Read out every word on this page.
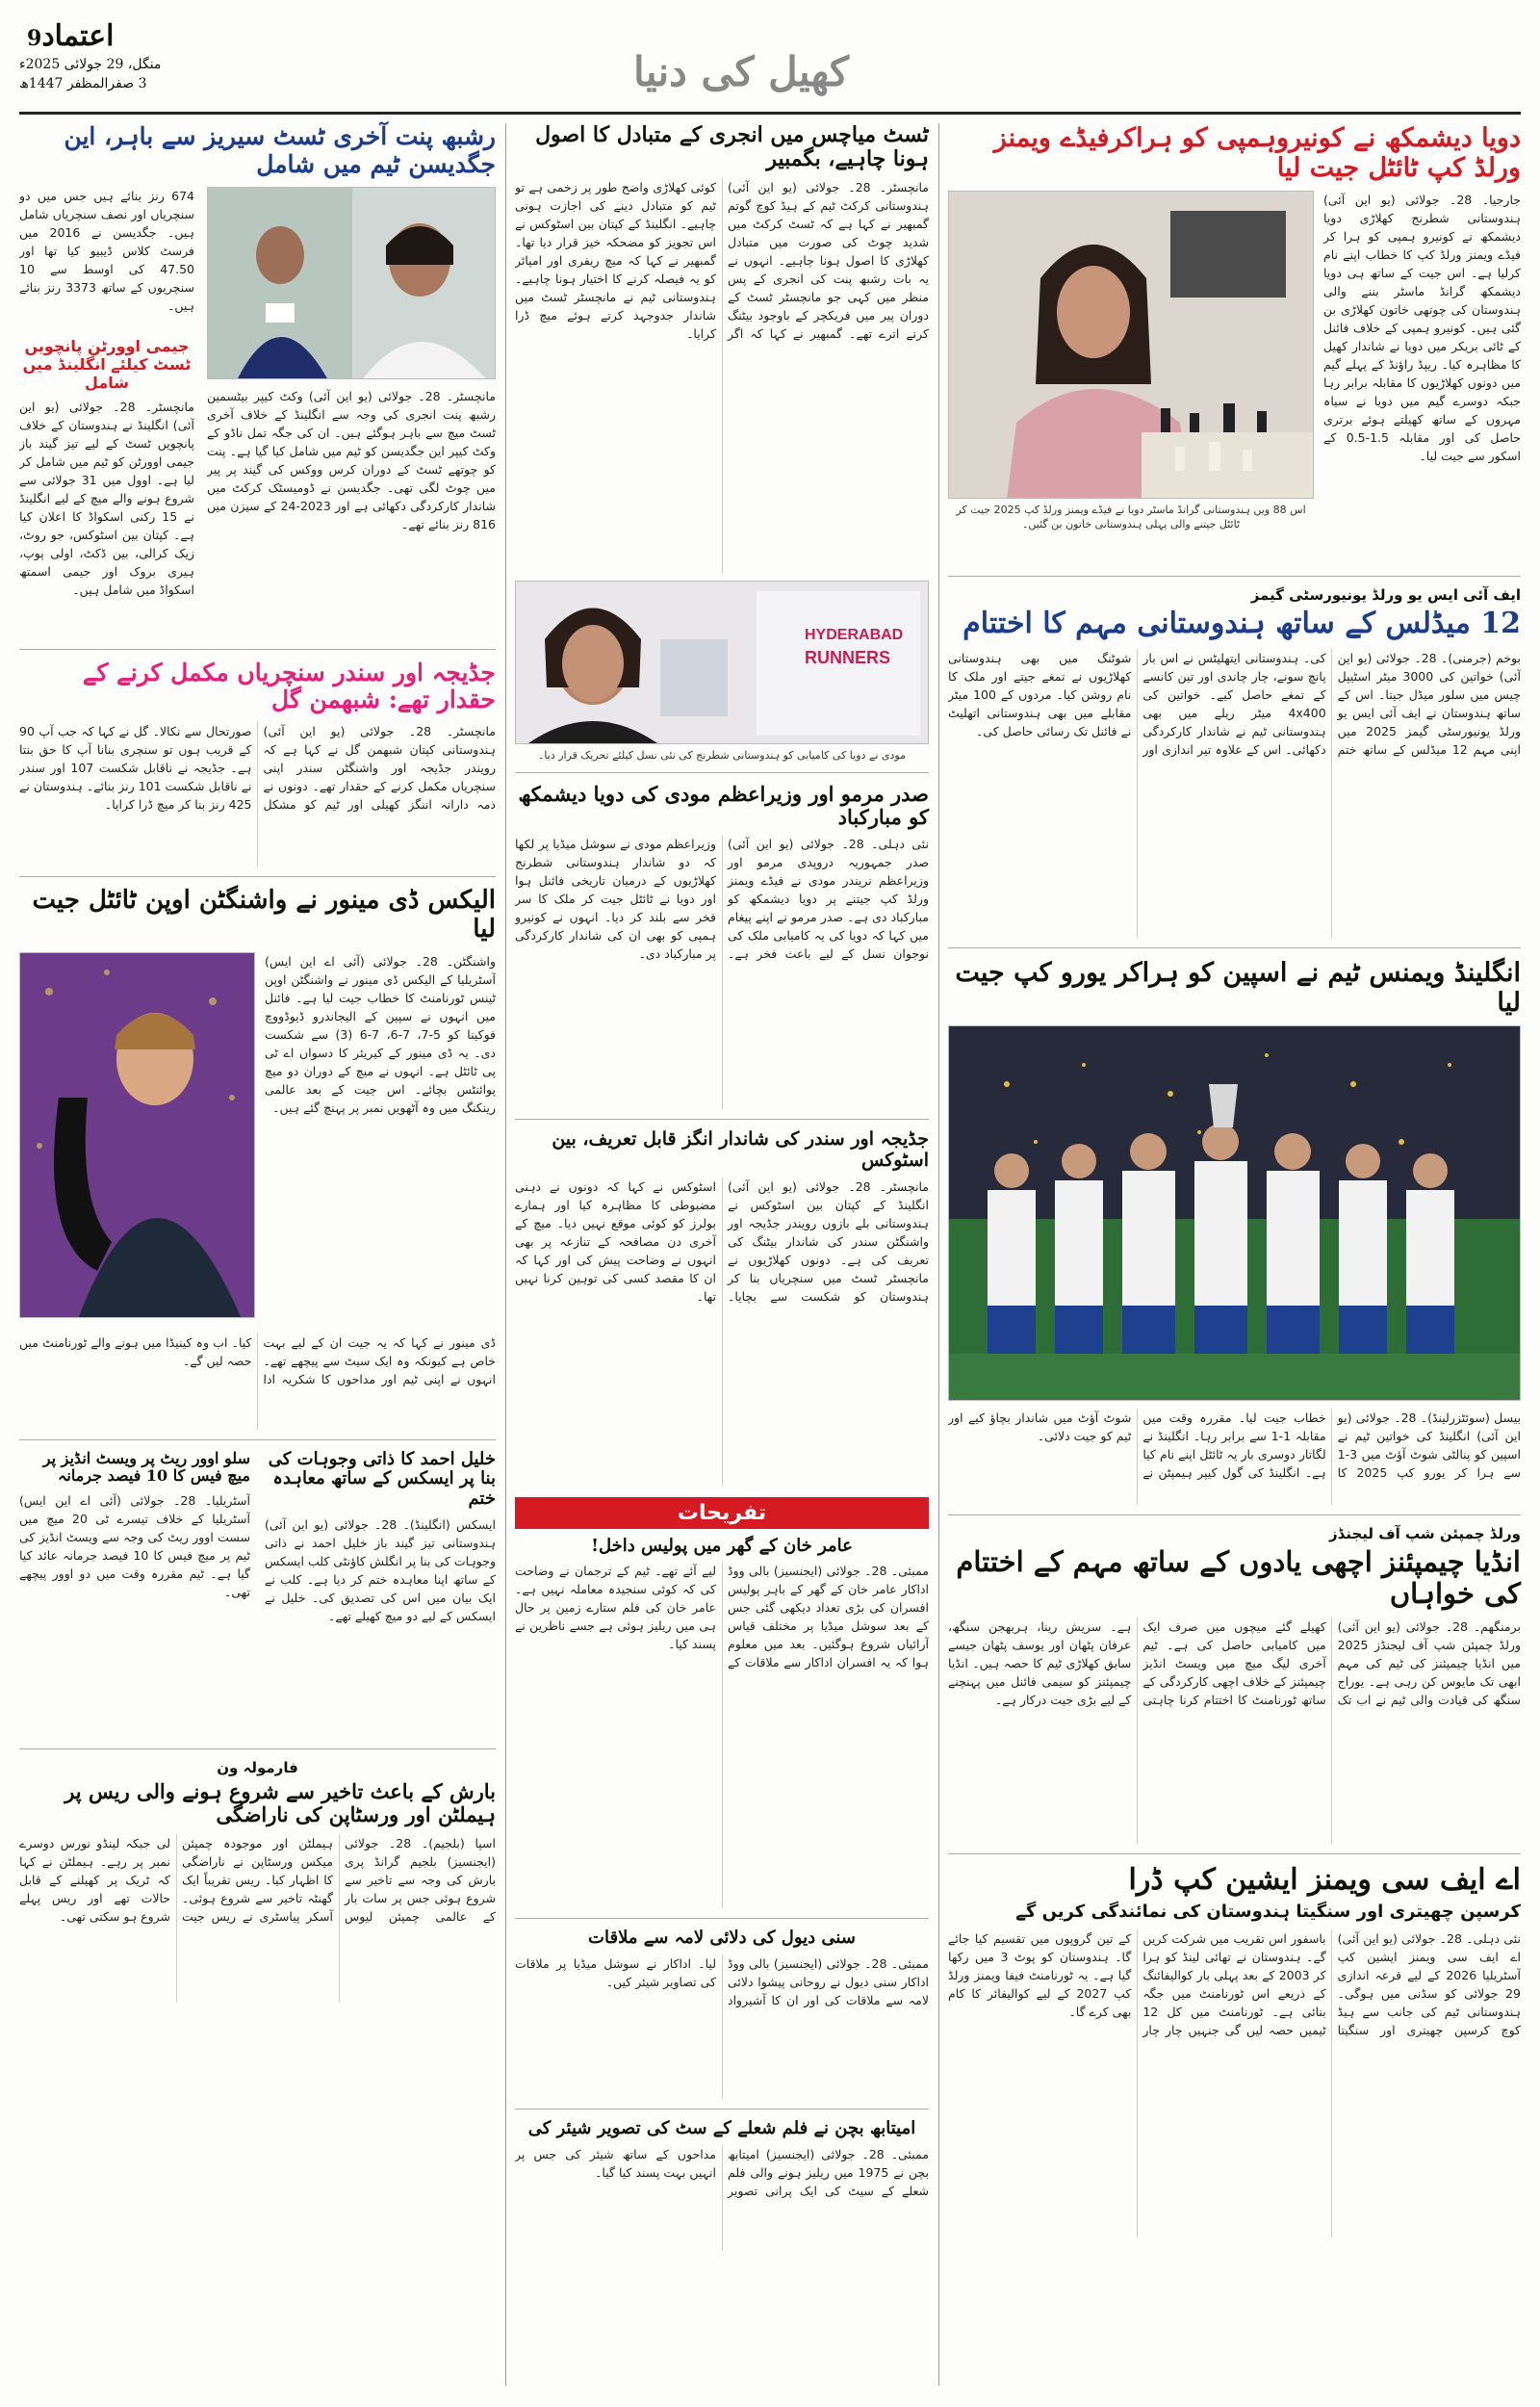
اعتماد9
منگل، 29 جولائی 2025ء
3 صفرالمظفر 1447ھ	کھیل کی دنیا
دویا دیشمکھ نے کونیروہمپی کو ہراکرفیڈے ویمنز ورلڈ کپ ٹائٹل جیت لیا
جارجیا۔ 28۔ جولائی (یو این آئی) ہندوستانی شطرنج کھلاڑی دویا دیشمکھ نے کونیرو ہمپی کو ہرا کر فیڈے ویمنز ورلڈ کپ کا خطاب اپنے نام کرلیا ہے۔ اس جیت کے ساتھ ہی دویا دیشمکھ گرانڈ ماسٹر بننے والی ہندوستان کی چوتھی خاتون کھلاڑی بن گئی ہیں۔ کونیرو ہمپی کے خلاف فائنل کے ٹائی بریکر میں دویا نے شاندار کھیل کا مظاہرہ کیا۔ ریپڈ راؤنڈ کے پہلے گیم میں دونوں کھلاڑیوں کا مقابلہ برابر رہا جبکہ دوسرے گیم میں دویا نے سیاہ مہروں کے ساتھ کھیلتے ہوئے برتری حاصل کی اور مقابلہ 1.5-0.5 کے اسکور سے جیت لیا۔
اس 88 ویں ہندوستانی گرانڈ ماسٹر دویا نے فیڈے ویمنز ورلڈ کپ 2025 جیت کر ٹائٹل جیتنے والی پہلی ہندوستانی خاتون بن گئیں۔
ایف آئی ایس یو ورلڈ یونیورسٹی گیمز
12 میڈلس کے ساتھ ہندوستانی مہم کا اختتام
بوخم (جرمنی)۔ 28۔ جولائی (یو این آئی) خواتین کی 3000 میٹر اسٹیپل چیس میں سلور میڈل جیتا۔ اس کے ساتھ ہندوستان نے ایف آئی ایس یو ورلڈ یونیورسٹی گیمز 2025 میں اپنی مہم 12 میڈلس کے ساتھ ختم کی۔ ہندوستانی ایتھلیٹس نے اس بار پانچ سونے، چار چاندی اور تین کانسے کے تمغے حاصل کیے۔ خواتین کی 4x400 میٹر ریلے میں بھی ہندوستانی ٹیم نے شاندار کارکردگی دکھائی۔ اس کے علاوہ تیر اندازی اور شوٹنگ میں بھی ہندوستانی کھلاڑیوں نے تمغے جیتے اور ملک کا نام روشن کیا۔ مردوں کے 100 میٹر مقابلے میں بھی ہندوستانی اتھلیٹ نے فائنل تک رسائی حاصل کی۔
انگلینڈ ویمنس ٹیم نے اسپین کو ہراکر یورو کپ جیت لیا
بیسل (سوئٹزرلینڈ)۔ 28۔ جولائی (یو این آئی) انگلینڈ کی خواتین ٹیم نے اسپین کو پنالٹی شوٹ آؤٹ میں 3-1 سے ہرا کر یورو کپ 2025 کا خطاب جیت لیا۔ مقررہ وقت میں مقابلہ 1-1 سے برابر رہا۔ انگلینڈ نے لگاتار دوسری بار یہ ٹائٹل اپنے نام کیا ہے۔ انگلینڈ کی گول کیپر ہیمپٹن نے شوٹ آؤٹ میں شاندار بچاؤ کیے اور ٹیم کو جیت دلائی۔
ورلڈ چمپئن شپ آف لیجنڈز
انڈیا چیمپئنز اچھی یادوں کے ساتھ مہم کے اختتام کی خواہاں
برمنگھم۔ 28۔ جولائی (یو این آئی) ورلڈ چمپئن شپ آف لیجنڈز 2025 میں انڈیا چیمپئنز کی ٹیم کی مہم ابھی تک مایوس کن رہی ہے۔ یوراج سنگھ کی قیادت والی ٹیم نے اب تک کھیلے گئے میچوں میں صرف ایک میں کامیابی حاصل کی ہے۔ ٹیم آخری لیگ میچ میں ویسٹ انڈیز چیمپئنز کے خلاف اچھی کارکردگی کے ساتھ ٹورنامنٹ کا اختتام کرنا چاہتی ہے۔ سریش رینا، ہربھجن سنگھ، عرفان پٹھان اور یوسف پٹھان جیسے سابق کھلاڑی ٹیم کا حصہ ہیں۔ انڈیا چیمپئنز کو سیمی فائنل میں پہنچنے کے لیے بڑی جیت درکار ہے۔
اے ایف سی ویمنز ایشین کپ ڈرا
کرسپن چھیتری اور سنگیتا ہندوستان کی نمائندگی کریں گے
نئی دہلی۔ 28۔ جولائی (یو این آئی) اے ایف سی ویمنز ایشین کپ آسٹریلیا 2026 کے لیے قرعہ اندازی 29 جولائی کو سڈنی میں ہوگی۔ ہندوستانی ٹیم کی جانب سے ہیڈ کوچ کرسپن چھیتری اور سنگیتا باسفور اس تقریب میں شرکت کریں گے۔ ہندوستان نے تھائی لینڈ کو ہرا کر 2003 کے بعد پہلی بار کوالیفائنگ کے ذریعے اس ٹورنامنٹ میں جگہ بنائی ہے۔ ٹورنامنٹ میں کل 12 ٹیمیں حصہ لیں گی جنہیں چار چار کے تین گروپوں میں تقسیم کیا جائے گا۔ ہندوستان کو پوٹ 3 میں رکھا گیا ہے۔ یہ ٹورنامنٹ فیفا ویمنز ورلڈ کپ 2027 کے لیے کوالیفائر کا کام بھی کرے گا۔
ٹسٹ میاچس میں انجری کے متبادل کا اصول ہونا چاہیے، بگمبیر
مانچسٹر۔ 28۔ جولائی (یو این آئی) ہندوستانی کرکٹ ٹیم کے ہیڈ کوچ گوتم گمبھیر نے کہا ہے کہ ٹسٹ کرکٹ میں شدید چوٹ کی صورت میں متبادل کھلاڑی کا اصول ہونا چاہیے۔ انہوں نے یہ بات رشبھ پنت کی انجری کے پس منظر میں کہی جو مانچسٹر ٹسٹ کے دوران پیر میں فریکچر کے باوجود بیٹنگ کرنے اترے تھے۔ گمبھیر نے کہا کہ اگر کوئی کھلاڑی واضح طور پر زخمی ہے تو ٹیم کو متبادل دینے کی اجازت ہونی چاہیے۔ انگلینڈ کے کپتان بین اسٹوکس نے اس تجویز کو مضحکہ خیز قرار دیا تھا۔ گمبھیر نے کہا کہ میچ ریفری اور امپائر کو یہ فیصلہ کرنے کا اختیار ہونا چاہیے۔ ہندوستانی ٹیم نے مانچسٹر ٹسٹ میں شاندار جدوجہد کرتے ہوئے میچ ڈرا کرایا۔
HYDERABAD
RUNNERS
مودی نے دویا کی کامیابی کو ہندوستانی شطرنج کی نئی نسل کیلئے تحریک قرار دیا۔
صدر مرمو اور وزیراعظم مودی کی دویا دیشمکھ کو مبارکباد
نئی دہلی۔ 28۔ جولائی (یو این آئی) صدر جمہوریہ دروپدی مرمو اور وزیراعظم نریندر مودی نے فیڈے ویمنز ورلڈ کپ جیتنے پر دویا دیشمکھ کو مبارکباد دی ہے۔ صدر مرمو نے اپنے پیغام میں کہا کہ دویا کی یہ کامیابی ملک کی نوجوان نسل کے لیے باعث فخر ہے۔ وزیراعظم مودی نے سوشل میڈیا پر لکھا کہ دو شاندار ہندوستانی شطرنج کھلاڑیوں کے درمیان تاریخی فائنل ہوا اور دویا نے ٹائٹل جیت کر ملک کا سر فخر سے بلند کر دیا۔ انہوں نے کونیرو ہمپی کو بھی ان کی شاندار کارکردگی پر مبارکباد دی۔
جڈیجہ اور سندر کی شاندار انگز قابل تعریف، بین اسٹوکس
مانچسٹر۔ 28۔ جولائی (یو این آئی) انگلینڈ کے کپتان بین اسٹوکس نے ہندوستانی بلے بازوں رویندر جڈیجہ اور واشنگٹن سندر کی شاندار بیٹنگ کی تعریف کی ہے۔ دونوں کھلاڑیوں نے مانچسٹر ٹسٹ میں سنچریاں بنا کر ہندوستان کو شکست سے بچایا۔ اسٹوکس نے کہا کہ دونوں نے ذہنی مضبوطی کا مظاہرہ کیا اور ہمارے بولرز کو کوئی موقع نہیں دیا۔ میچ کے آخری دن مصافحہ کے تنازعہ پر بھی انہوں نے وضاحت پیش کی اور کہا کہ ان کا مقصد کسی کی توہین کرنا نہیں تھا۔
تفریحات
عامر خان کے گھر میں پولیس داخل!
ممبئی۔ 28۔ جولائی (ایجنسیز) بالی ووڈ اداکار عامر خان کے گھر کے باہر پولیس افسران کی بڑی تعداد دیکھی گئی جس کے بعد سوشل میڈیا پر مختلف قیاس آرائیاں شروع ہوگئیں۔ بعد میں معلوم ہوا کہ یہ افسران اداکار سے ملاقات کے لیے آئے تھے۔ ٹیم کے ترجمان نے وضاحت کی کہ کوئی سنجیدہ معاملہ نہیں ہے۔ عامر خان کی فلم ستارے زمین پر حال ہی میں ریلیز ہوئی ہے جسے ناظرین نے پسند کیا۔
سنی دیول کی دلائی لامہ سے ملاقات
ممبئی۔ 28۔ جولائی (ایجنسیز) بالی ووڈ اداکار سنی دیول نے روحانی پیشوا دلائی لامہ سے ملاقات کی اور ان کا آشیرواد لیا۔ اداکار نے سوشل میڈیا پر ملاقات کی تصاویر شیئر کیں۔
امیتابھ بچن نے فلم شعلے کے سٹ کی تصویر شیئر کی
ممبئی۔ 28۔ جولائی (ایجنسیز) امیتابھ بچن نے 1975 میں ریلیز ہونے والی فلم شعلے کے سیٹ کی ایک پرانی تصویر مداحوں کے ساتھ شیئر کی جس پر انہیں بہت پسند کیا گیا۔
رشبھ پنت آخری ٹسٹ سیریز سے باہر، این جگدیسن ٹیم میں شامل
مانچسٹر۔ 28۔ جولائی (یو این آئی) وکٹ کیپر بیٹسمین رشبھ پنت انجری کی وجہ سے انگلینڈ کے خلاف آخری ٹسٹ میچ سے باہر ہوگئے ہیں۔ ان کی جگہ تمل ناڈو کے وکٹ کیپر این جگدیسن کو ٹیم میں شامل کیا گیا ہے۔ پنت کو چوتھے ٹسٹ کے دوران کرس ووکس کی گیند پر پیر میں چوٹ لگی تھی۔ جگدیسن نے ڈومیسٹک کرکٹ میں شاندار کارکردگی دکھائی ہے اور 2023-24 کے سیزن میں 816 رنز بنائے تھے۔
674 رنز بنائے ہیں جس میں دو سنچریاں اور نصف سنچریاں شامل ہیں۔ جگدیسن نے 2016 میں فرسٹ کلاس ڈیبیو کیا تھا اور 47.50 کی اوسط سے 10 سنچریوں کے ساتھ 3373 رنز بنائے ہیں۔
جیمی اوورٹن پانچویں
ٹسٹ کیلئے انگلینڈ میں شامل
مانچسٹر۔ 28۔ جولائی (یو این آئی) انگلینڈ نے ہندوستان کے خلاف پانچویں ٹسٹ کے لیے تیز گیند باز جیمی اوورٹن کو ٹیم میں شامل کر لیا ہے۔ اوول میں 31 جولائی سے شروع ہونے والے میچ کے لیے انگلینڈ نے 15 رکنی اسکواڈ کا اعلان کیا ہے۔ کپتان بین اسٹوکس، جو روٹ، زیک کرالی، بین ڈکٹ، اولی پوپ، ہیری بروک اور جیمی اسمتھ اسکواڈ میں شامل ہیں۔
جڈیجہ اور سندر سنچریاں مکمل کرنے کے حقدار تھے: شبھمن گل
مانچسٹر۔ 28۔ جولائی (یو این آئی) ہندوستانی کپتان شبھمن گل نے کہا ہے کہ رویندر جڈیجہ اور واشنگٹن سندر اپنی سنچریاں مکمل کرنے کے حقدار تھے۔ دونوں نے ذمہ دارانہ اننگز کھیلی اور ٹیم کو مشکل صورتحال سے نکالا۔ گل نے کہا کہ جب آپ 90 کے قریب ہوں تو سنچری بنانا آپ کا حق بنتا ہے۔ جڈیجہ نے ناقابل شکست 107 اور سندر نے ناقابل شکست 101 رنز بنائے۔ ہندوستان نے 425 رنز بنا کر میچ ڈرا کرایا۔
الیکس ڈی مینور نے واشنگٹن اوپن ٹائٹل جیت لیا
واشنگٹن۔ 28۔ جولائی (آئی اے این ایس) آسٹریلیا کے الیکس ڈی مینور نے واشنگٹن اوپن ٹینس ٹورنامنٹ کا خطاب جیت لیا ہے۔ فائنل میں انہوں نے سپین کے الیجاندرو ڈیوڈووچ فوکینا کو 5-7، 7-6، 7-6 (3) سے شکست دی۔ یہ ڈی مینور کے کیریئر کا دسواں اے ٹی پی ٹائٹل ہے۔ انہوں نے میچ کے دوران دو میچ پوائنٹس بچائے۔ اس جیت کے بعد عالمی رینکنگ میں وہ آٹھویں نمبر پر پہنچ گئے ہیں۔
ڈی مینور نے کہا کہ یہ جیت ان کے لیے بہت خاص ہے کیونکہ وہ ایک سیٹ سے پیچھے تھے۔ انہوں نے اپنی ٹیم اور مداحوں کا شکریہ ادا کیا۔ اب وہ کینیڈا میں ہونے والے ٹورنامنٹ میں حصہ لیں گے۔
خلیل احمد کا ذاتی وجوہات کی بنا پر ایسکس کے ساتھ معاہدہ ختم
ایسکس (انگلینڈ)۔ 28۔ جولائی (یو این آئی) ہندوستانی تیز گیند باز خلیل احمد نے ذاتی وجوہات کی بنا پر انگلش کاؤنٹی کلب ایسکس کے ساتھ اپنا معاہدہ ختم کر دیا ہے۔ کلب نے ایک بیان میں اس کی تصدیق کی۔ خلیل نے ایسکس کے لیے دو میچ کھیلے تھے۔
سلو اوور ریٹ پر ویسٹ انڈیز پر میچ فیس کا 10 فیصد جرمانہ
آسٹریلیا۔ 28۔ جولائی (آئی اے این ایس) آسٹریلیا کے خلاف تیسرے ٹی 20 میچ میں سست اوور ریٹ کی وجہ سے ویسٹ انڈیز کی ٹیم پر میچ فیس کا 10 فیصد جرمانہ عائد کیا گیا ہے۔ ٹیم مقررہ وقت میں دو اوور پیچھے تھی۔
فارمولہ ون
بارش کے باعث تاخیر سے شروع ہونے والی ریس پر ہیملٹن اور ورسٹاپن کی ناراضگی
اسپا (بلجیم)۔ 28۔ جولائی (ایجنسیز) بلجیم گرانڈ پری بارش کی وجہ سے تاخیر سے شروع ہوئی جس پر سات بار کے عالمی چمپئن لیوس ہیملٹن اور موجودہ چمپئن میکس ورسٹاپن نے ناراضگی کا اظہار کیا۔ ریس تقریباً ایک گھنٹہ تاخیر سے شروع ہوئی۔ آسکر پیاسٹری نے ریس جیت لی جبکہ لینڈو نورس دوسرے نمبر پر رہے۔ ہیملٹن نے کہا کہ ٹریک پر کھیلنے کے قابل حالات تھے اور ریس پہلے شروع ہو سکتی تھی۔
